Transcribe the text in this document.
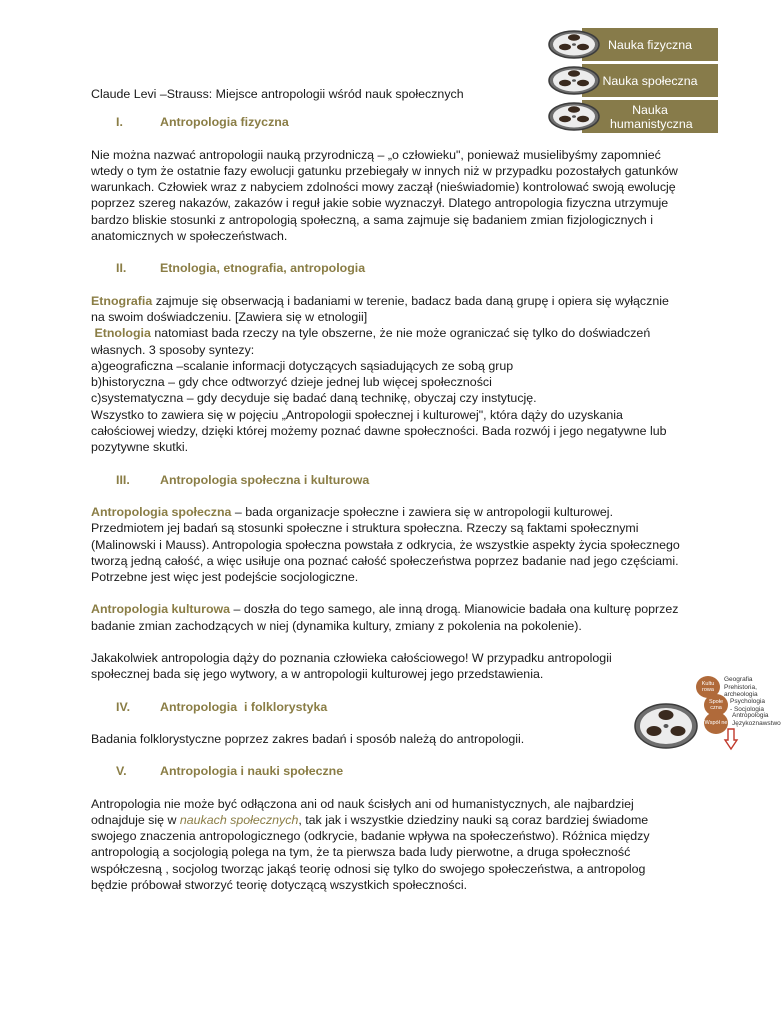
Nauka fizyczna
Nauka społeczna
Nauka humanistyczna
Claude Levi –Strauss: Miejsce antropologii wśród nauk społecznych
I.	Antropologia fizyczna
Nie można nazwać antropologii nauką przyrodniczą – „o człowieku", ponieważ musielibyśmy zapomnieć wtedy o tym że ostatnie fazy ewolucji gatunku przebiegały w innych niż w przypadku pozostałych gatunków warunkach. Człowiek wraz z nabyciem zdolności mowy zaczął (nieświadomie) kontrolować swoją ewolucję poprzez szereg nakazów, zakazów i reguł jakie sobie wyznaczył. Dlatego antropologia fizyczna utrzymuje bardzo bliskie stosunki z antropologią społeczną, a sama zajmuje się badaniem zmian fizjologicznych i anatomicznych w społeczeństwach.
II.	Etnologia, etnografia, antropologia
Etnografia zajmuje się obserwacją i badaniami w terenie, badacz bada daną grupę i opiera się wyłącznie na swoim doświadczeniu. [Zawiera się w etnologii]
Etnologia natomiast bada rzeczy na tyle obszerne, że nie może ograniczać się tylko do doświadczeń własnych. 3 sposoby syntezy:
a)geograficzna –scalanie informacji dotyczących sąsiadujących ze sobą grup
b)historyczna – gdy chce odtworzyć dzieje jednej lub więcej społeczności
c)systematyczna – gdy decyduje się badać daną technikę, obyczaj czy instytucję.
Wszystko to zawiera się w pojęciu „Antropologii społecznej i kulturowej", która dąży do uzyskania całościowej wiedzy, dzięki której możemy poznać dawne społeczności. Bada rozwój i jego negatywne lub pozytywne skutki.
III.	Antropologia społeczna i kulturowa
Antropologia społeczna – bada organizacje społeczne i zawiera się w antropologii kulturowej. Przedmiotem jej badań są stosunki społeczne i struktura społeczna. Rzeczy są faktami społecznymi (Malinowski i Mauss). Antropologia społeczna powstała z odkrycia, że wszystkie aspekty życia społecznego tworzą jedną całość, a więc usiłuje ona poznać całość społeczeństwa poprzez badanie nad jego częściami. Potrzebne jest więc jest podejście socjologiczne.
Antropologia kulturowa – doszła do tego samego, ale inną drogą. Mianowicie badała ona kulturę poprzez badanie zmian zachodzących w niej (dynamika kultury, zmiany z pokolenia na pokolenie).
Jakakolwiek antropologia dąży do poznania człowieka całościowego! W przypadku antropologii społecznej bada się jego wytwory, a w antropologii kulturowej jego przedstawienia.
IV.	Antropologia  i folklorystyka
Badania folklorystyczne poprzez zakres badań i sposób należą do antropologii.
V.	Antropologia i nauki społeczne
Antropologia nie może być odłączona ani od nauk ścisłych ani od humanistycznych, ale najbardziej odnajduje się w naukach społecznych, tak jak i wszystkie dziedziny nauki są coraz bardziej świadome swojego znaczenia antropologicznego (odkrycie, badanie wpływa na społeczeństwo). Różnica między antropologią a socjologią polega na tym, że ta pierwsza bada ludy pierwotne, a druga społeczność współczesną , socjolog tworząc jakąś teorię odnosi się tylko do swojego społeczeństwa, a antropolog będzie próbował stworzyć teorię dotyczącą wszystkich społeczności.
Kultu rowa
Społe czna
Współ ne
Geografia Prehistoria, archeologia
Psychologia - Socjologia
Antropologia Językoznawstwo
